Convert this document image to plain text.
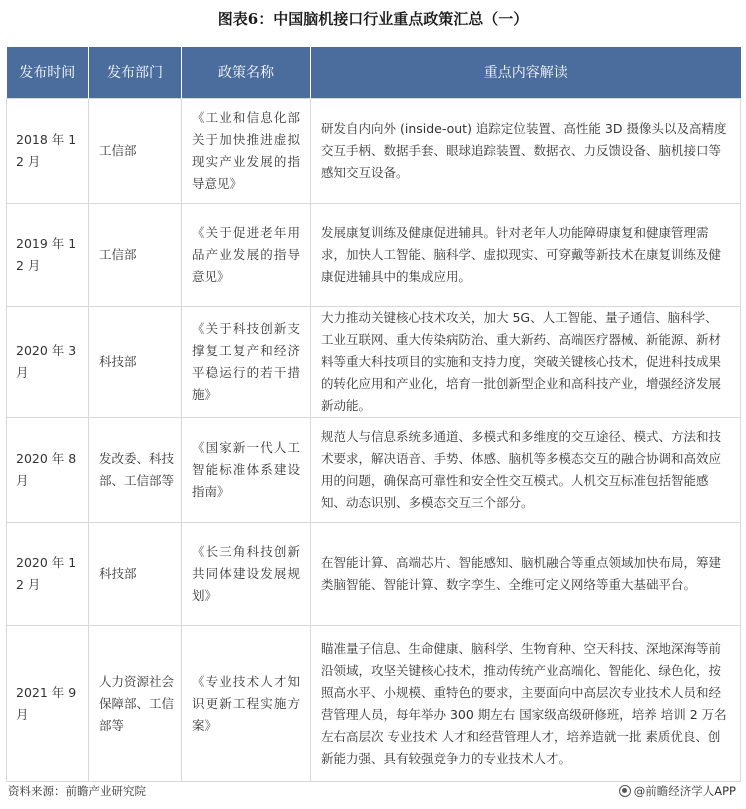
图表6：中国脑机接口行业重点政策汇总（一）
发布时间	发布部门	政策名称	重点内容解读
2018 年 12 月	工信部	《工业和信息化部关于加快推进虚拟现实产业发展的指导意见》	研发自内向外 (inside-out) 追踪定位装置、高性能 3D 摄像头以及高精度交互手柄、数据手套、眼球追踪装置、数据衣、力反馈设备、脑机接口等感知交互设备。
2019 年 12 月	工信部	《关于促进老年用品产业发展的指导意见》	发展康复训练及健康促进辅具。针对老年人功能障碍康复和健康管理需求，加快人工智能、脑科学、虚拟现实、可穿戴等新技术在康复训练及健康促进辅具中的集成应用。
2020 年 3 月	科技部	《关于科技创新支撑复工复产和经济平稳运行的若干措施》	大力推动关键核心技术攻关，加大 5G、人工智能、量子通信、脑科学、工业互联网、重大传染病防治、重大新药、高端医疗器械、新能源、新材料等重大科技项目的实施和支持力度，突破关键核心技术，促进科技成果的转化应用和产业化，培育一批创新型企业和高科技产业，增强经济发展新动能。
2020 年 8 月	发改委、科技部、工信部等	《国家新一代人工智能标准体系建设指南》	规范人与信息系统多通道、多模式和多维度的交互途径、模式、方法和技术要求，解决语音、手势、体感、脑机等多模态交互的融合协调和高效应用的问题，确保高可靠性和安全性交互模式。人机交互标准包括智能感知、动态识别、多模态交互三个部分。
2020 年 12 月	科技部	《长三角科技创新共同体建设发展规划》	在智能计算、高端芯片、智能感知、脑机融合等重点领域加快布局，筹建类脑智能、智能计算、数字孪生、全维可定义网络等重大基础平台。
2021 年 9 月	人力资源社会保障部、工信部等	《专业技术人才知识更新工程实施方案》	瞄准量子信息、生命健康、脑科学、生物育种、空天科技、深地深海等前沿领域，攻坚关键核心技术，推动传统产业高端化、智能化、绿色化，按照高水平、小规模、重特色的要求，主要面向中高层次专业技术人员和经营管理人员，每年举办 300 期左右 国家级高级研修班，培养 培训 2 万名左右高层次 专业技术 人才和经营管理人才，培养造就一批 素质优良、创新能力强、具有较强竞争力的专业技术人才。
资料来源：前瞻产业研究院	@前瞻经济学人APP
